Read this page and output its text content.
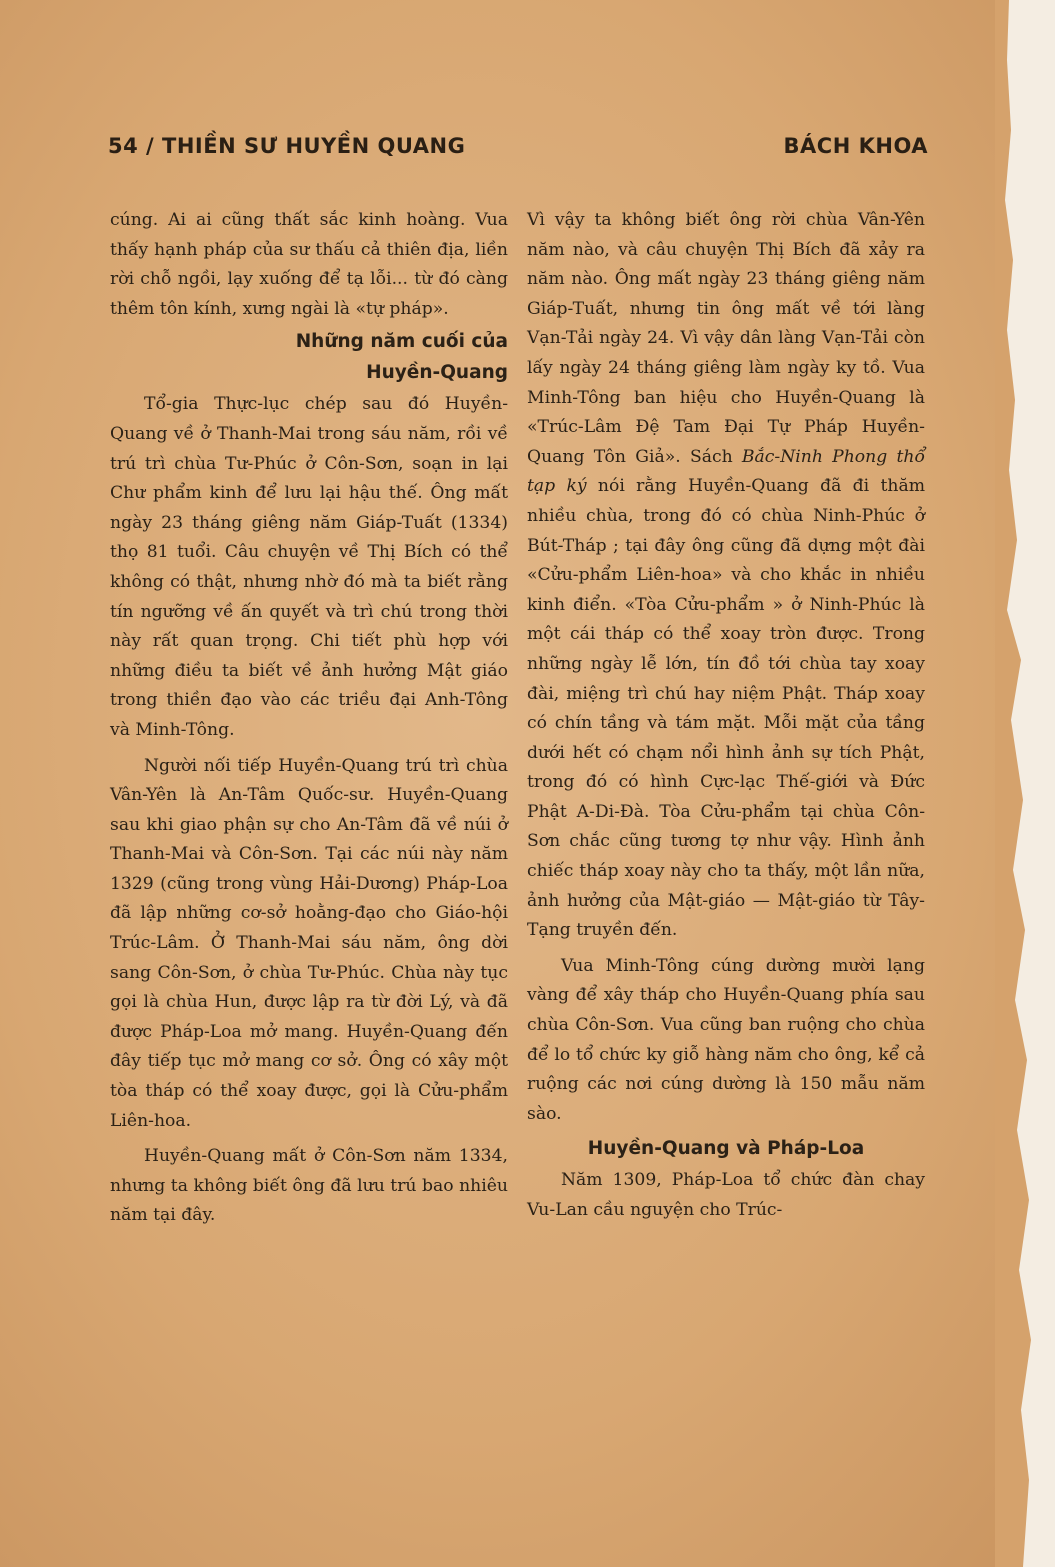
54 / THIỀN SƯ HUYỀN QUANG	BÁCH KHOA

cúng. Ai ai cũng thất sắc kinh hoàng. Vua thấy hạnh pháp của sư thấu cả thiên địa, liền rời chỗ ngồi, lạy xuống để tạ lỗi... từ đó càng thêm tôn kính, xưng ngài là «tự pháp».

Những năm cuối của
Huyền-Quang

Tổ-gia Thực-lục chép sau đó Huyền-Quang về ở Thanh-Mai trong sáu năm, rồi về trú trì chùa Tư-Phúc ở Côn-Sơn, soạn in lại Chư phẩm kinh để lưu lại hậu thế. Ông mất ngày 23 tháng giêng năm Giáp-Tuất (1334) thọ 81 tuổi. Câu chuyện về Thị Bích có thể không có thật, nhưng nhờ đó mà ta biết rằng tín ngưỡng về ấn quyết và trì chú trong thời này rất quan trọng. Chi tiết phù hợp với những điều ta biết về ảnh hưởng Mật giáo trong thiền đạo vào các triều đại Anh-Tông và Minh-Tông.

Người nối tiếp Huyền-Quang trú trì chùa Vân-Yên là An-Tâm Quốc-sư. Huyền-Quang sau khi giao phận sự cho An-Tâm đã về núi ở Thanh-Mai và Côn-Sơn. Tại các núi này năm 1329 (cũng trong vùng Hải-Dương) Pháp-Loa đã lập những cơ-sở hoằng-đạo cho Giáo-hội Trúc-Lâm. Ở Thanh-Mai sáu năm, ông dời sang Côn-Sơn, ở chùa Tư-Phúc. Chùa này tục gọi là chùa Hun, được lập ra từ đời Lý, và đã được Pháp-Loa mở mang. Huyền-Quang đến đây tiếp tục mở mang cơ sở. Ông có xây một tòa tháp có thể xoay được, gọi là Cửu-phẩm Liên-hoa.

Huyền-Quang mất ở Côn-Sơn năm 1334, nhưng ta không biết ông đã lưu trú bao nhiêu năm tại đây.

Vì vậy ta không biết ông rời chùa Vân-Yên năm nào, và câu chuyện Thị Bích đã xảy ra năm nào. Ông mất ngày 23 tháng giêng năm Giáp-Tuất, nhưng tin ông mất về tới làng Vạn-Tải ngày 24. Vì vậy dân làng Vạn-Tải còn lấy ngày 24 tháng giêng làm ngày ky tồ. Vua Minh-Tông ban hiệu cho Huyền-Quang là «Trúc-Lâm Đệ Tam Đại Tự Pháp Huyền-Quang Tôn Giả». Sách Bắc-Ninh Phong thổ tạp ký nói rằng Huyền-Quang đã đi thăm nhiều chùa, trong đó có chùa Ninh-Phúc ở Bút-Tháp ; tại đây ông cũng đã dựng một đài «Cửu-phẩm Liên-hoa» và cho khắc in nhiều kinh điển. «Tòa Cửu-phẩm » ở Ninh-Phúc là một cái tháp có thể xoay tròn được. Trong những ngày lễ lớn, tín đồ tới chùa tay xoay đài, miệng trì chú hay niệm Phật. Tháp xoay có chín tầng và tám mặt. Mỗi mặt của tầng dưới hết có chạm nổi hình ảnh sự tích Phật, trong đó có hình Cực-lạc Thế-giới và Đức Phật A-Di-Đà. Tòa Cửu-phẩm tại chùa Côn-Sơn chắc cũng tương tợ như vậy. Hình ảnh chiếc tháp xoay này cho ta thấy, một lần nữa, ảnh hưởng của Mật-giáo — Mật-giáo từ Tây-Tạng truyền đến.

Vua Minh-Tông cúng dường mười lạng vàng để xây tháp cho Huyền-Quang phía sau chùa Côn-Sơn. Vua cũng ban ruộng cho chùa để lo tổ chức ky giỗ hàng năm cho ông, kể cả ruộng các nơi cúng dường là 150 mẫu năm sào.

Huyền-Quang và Pháp-Loa

Năm 1309, Pháp-Loa tổ chức đàn chay Vu-Lan cầu nguyện cho Trúc-
